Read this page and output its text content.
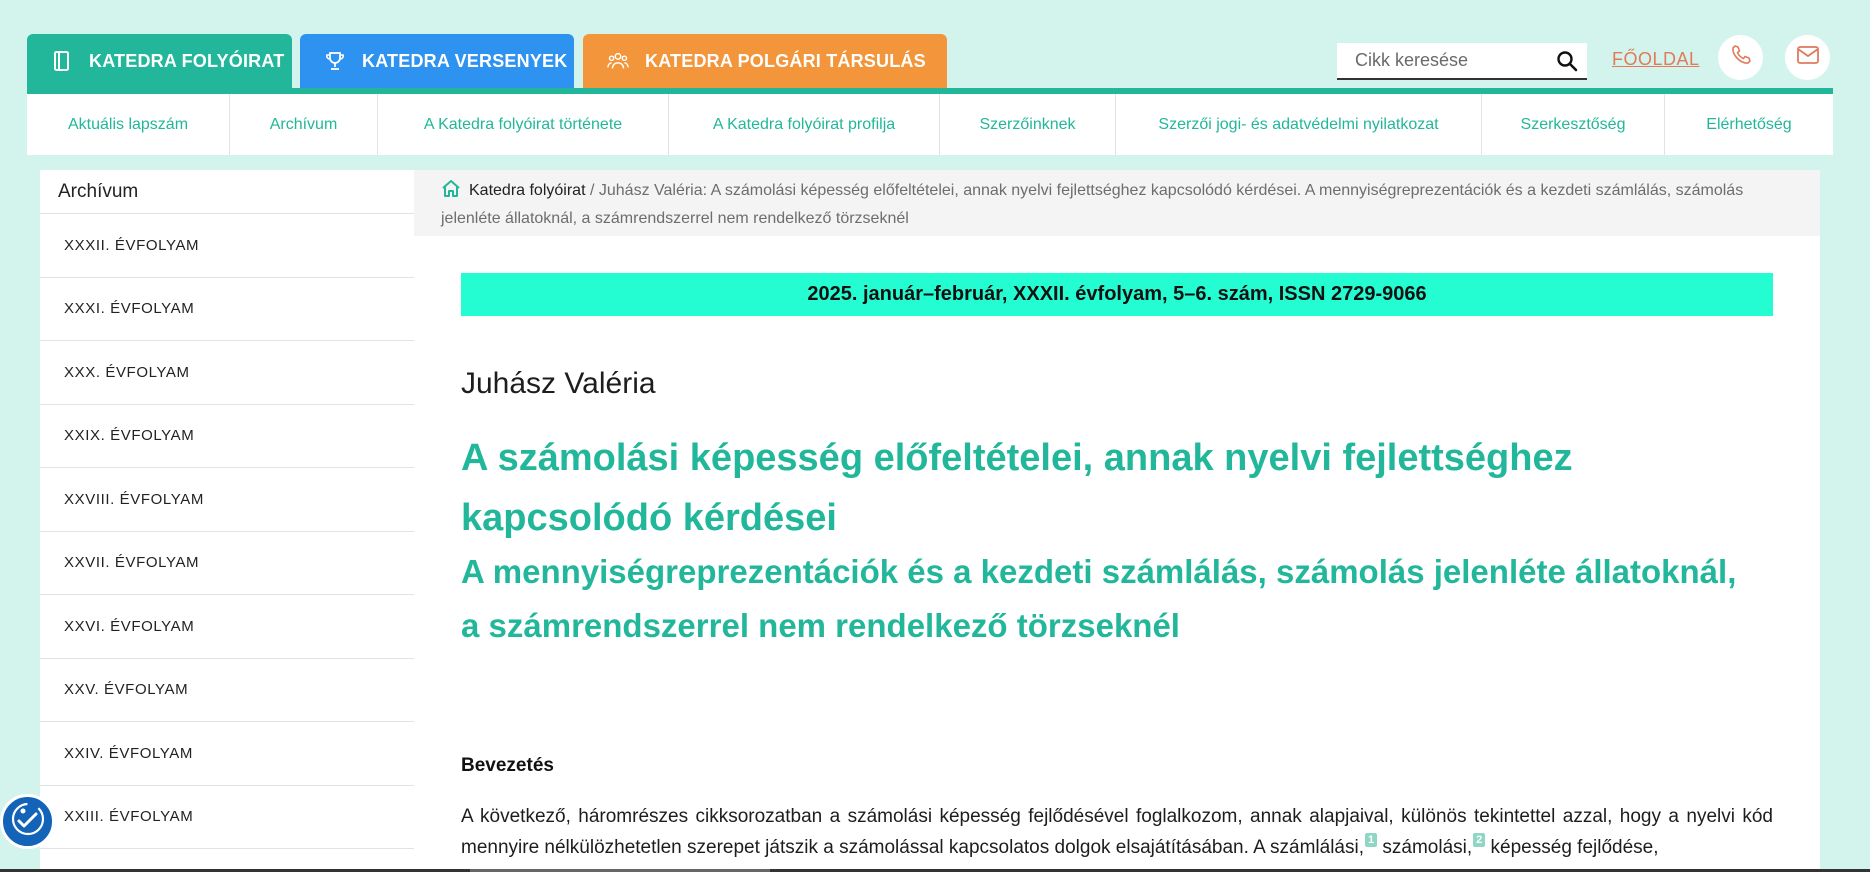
KATEDRA FOLYÓIRAT	KATEDRA VERSENYEK	KATEDRA POLGÁRI TÁRSULÁS	Cikk keresése	FŐOLDAL
Aktuális lapszám	Archívum	A Katedra folyóirat története	A Katedra folyóirat profilja	Szerzőinknek	Szerzői jogi- és adatvédelmi nyilatkozat	Szerkesztőség	Elérhetőség
Archívum
XXXII. ÉVFOLYAM
XXXI. ÉVFOLYAM
XXX. ÉVFOLYAM
XXIX. ÉVFOLYAM
XXVIII. ÉVFOLYAM
XXVII. ÉVFOLYAM
XXVI. ÉVFOLYAM
XXV. ÉVFOLYAM
XXIV. ÉVFOLYAM
XXIII. ÉVFOLYAM
Katedra folyóirat / Juhász Valéria: A számolási képesség előfeltételei, annak nyelvi fejlettséghez kapcsolódó kérdései. A mennyiségreprezentációk és a kezdeti számlálás, számolás jelenléte állatoknál, a számrendszerrel nem rendelkező törzseknél
2025. január–február, XXXII. évfolyam, 5–6. szám, ISSN 2729-9066
Juhász Valéria
A számolási képesség előfeltételei, annak nyelvi fejlettséghez kapcsolódó kérdései
A mennyiségreprezentációk és a kezdeti számlálás, számolás jelenléte állatoknál, a számrendszerrel nem rendelkező törzseknél
Bevezetés
A következő, háromrészes cikksorozatban a számolási képesség fejlődésével foglalkozom, annak alapjaival, különös tekintettel azzal, hogy a nyelvi kód mennyire nélkülözhetetlen szerepet játszik a számolással kapcsolatos dolgok elsajátításában. A számlálási, 1 számolási, 2 képesség fejlődése,
